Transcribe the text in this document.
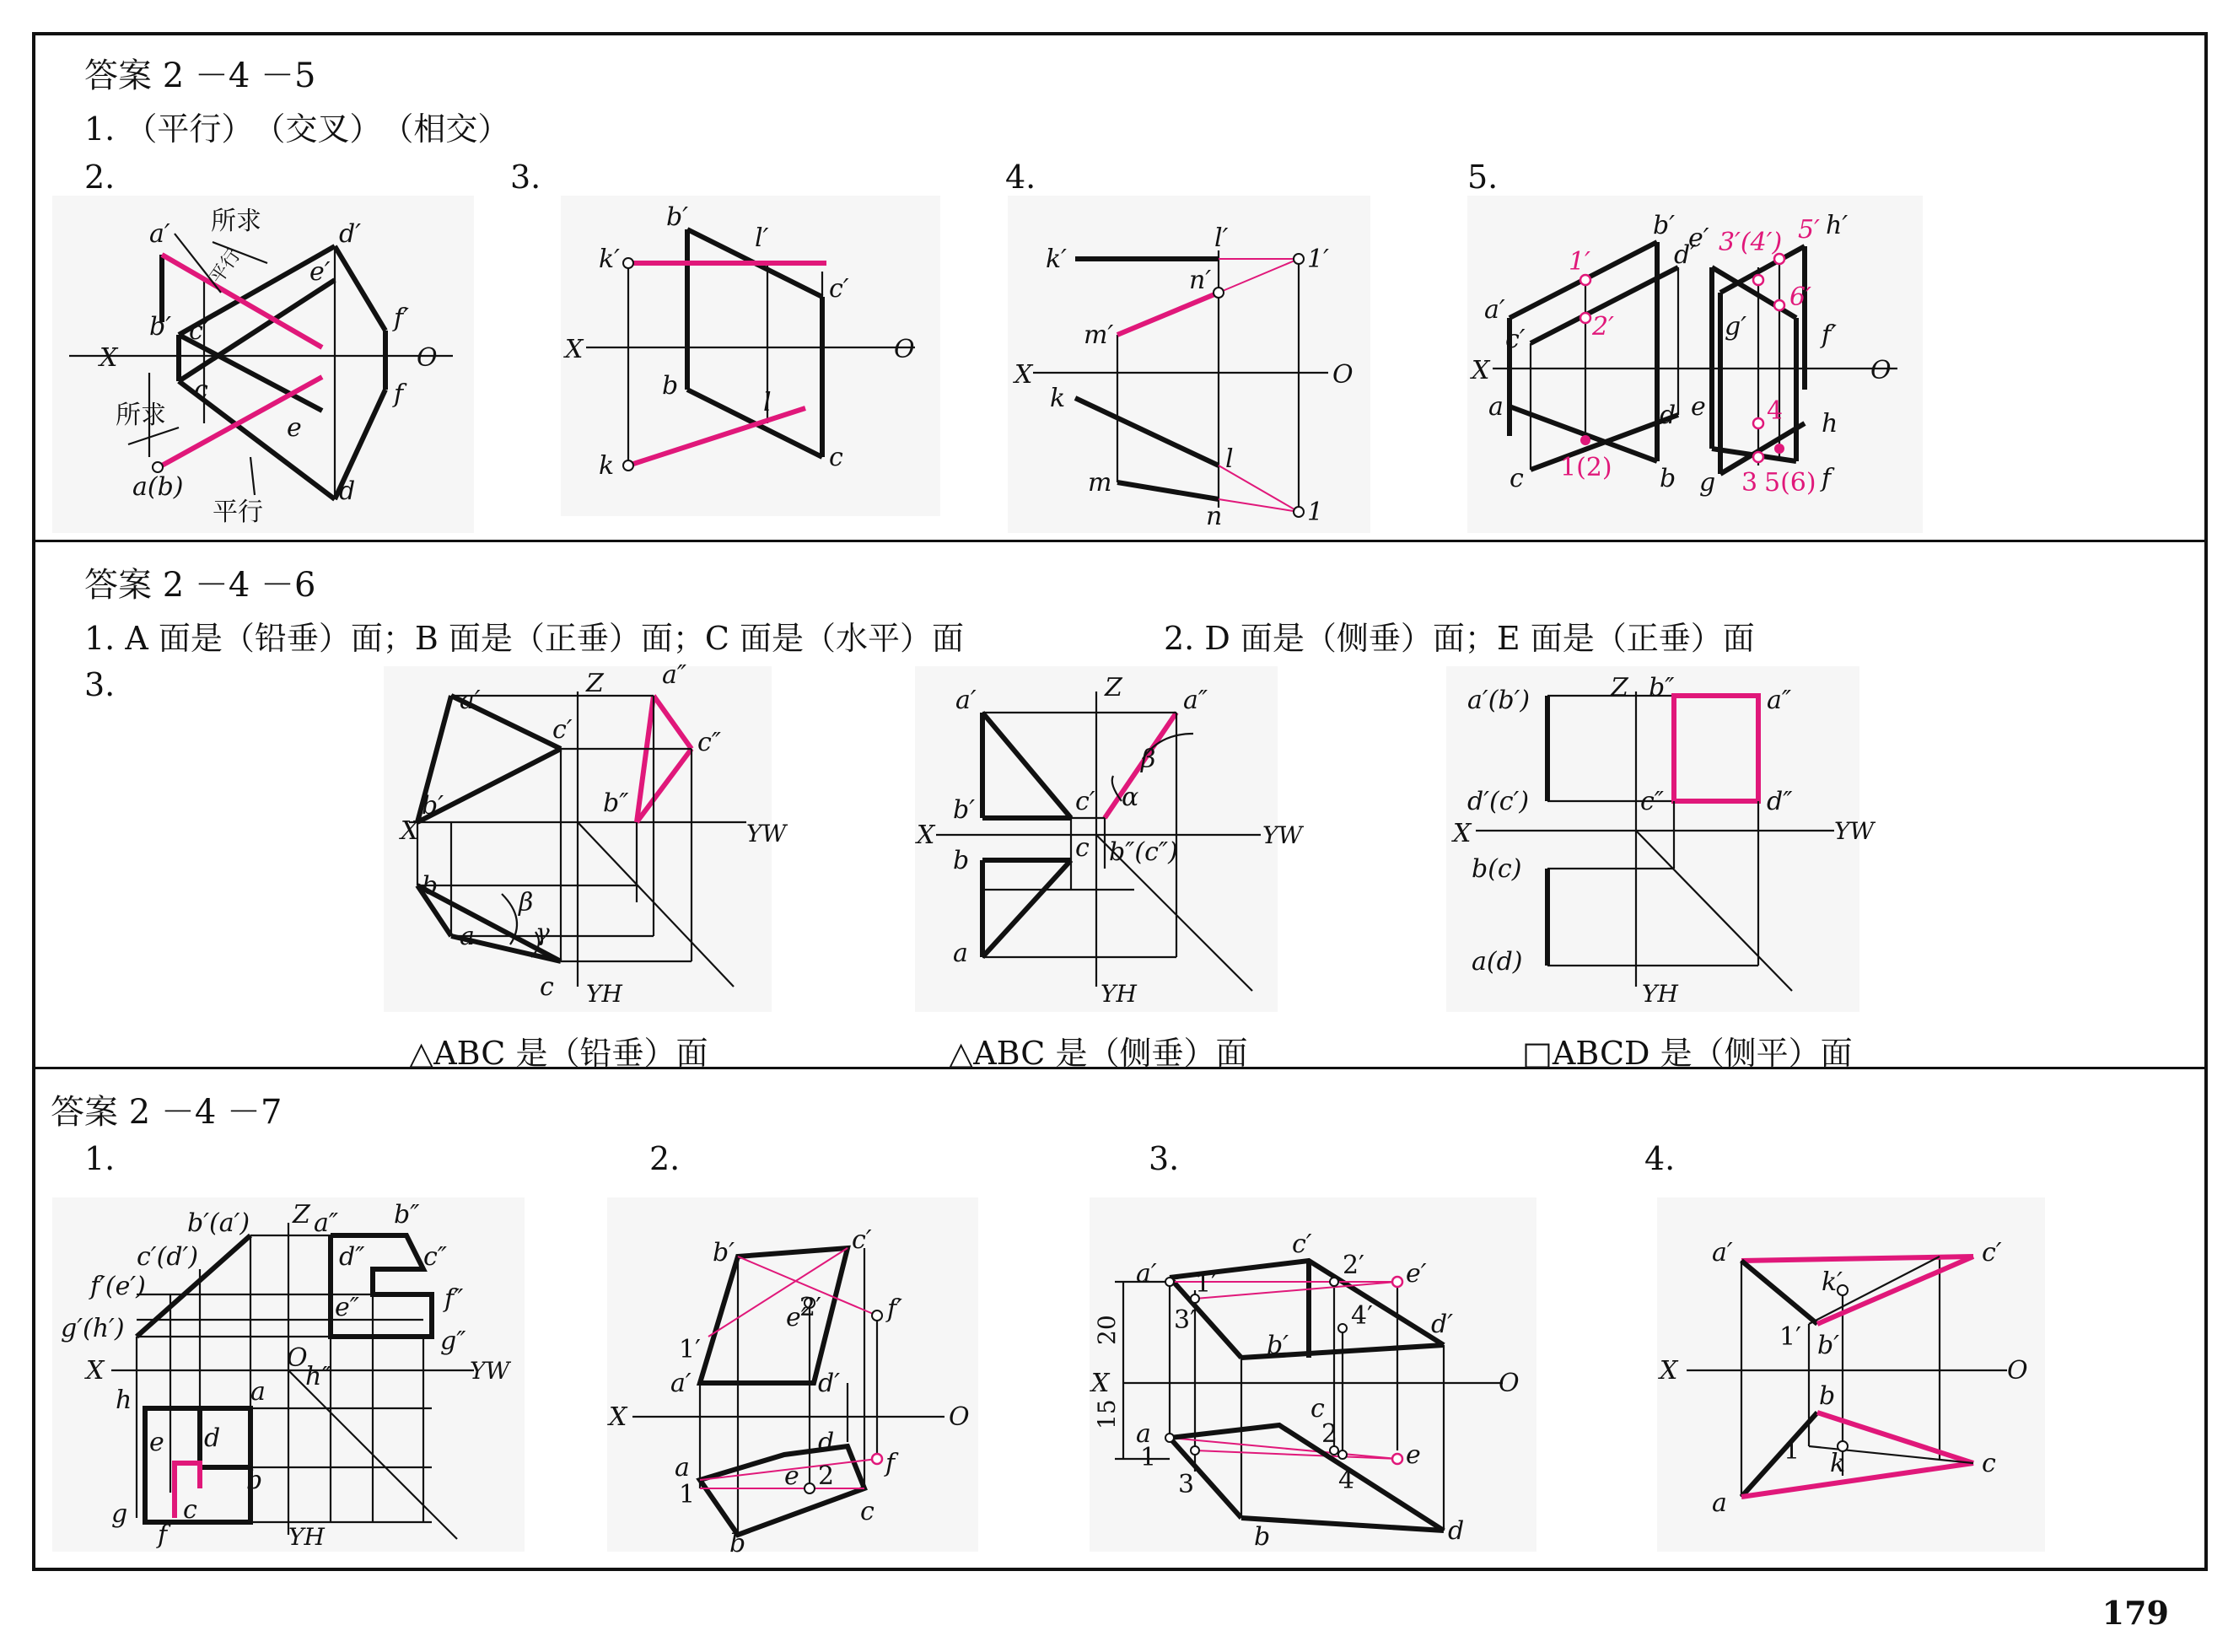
答案 2 －4 －5
1. （平行）　（交叉）　（相交）
2.	3.	4.	5.
X	O
所求
平行
所求
平行
a′
b′ c′
d′
e′
f′
a(b)
c
d
e
f
X	O
b′
l′
k′
c′
b
l
k	c
X	O
k′
l′
n′
m′
1′
k
m
n
l
1
X	O
a′
b′
c′
d′
e′
f′
g′
h′
1′
2′
3′(4′) 5′
6′
a
b
c
d e
f
g
h
1(2)
4
3 5(6)
答案 2 －4 －6
1. A 面是（铅垂）面；B 面是（正垂）面；C 面是（水平）面	2. D 面是（侧垂）面；E 面是（正垂）面
3.
X	YW
Z
YH
a′
c′
b′
a″
c″
b″
b
a
c
β
γ
X	YW
Z
YH
a′
c′
b′
a″
b″(c″)
b
a
c
α
β
X	YW
Z
YH
a′(b′)
d′(c′)
b″	a″
c″	d″
b(c)
a(d)
△ABC 是（铅垂）面	△ABC 是（侧垂）面	□ABCD 是（侧平）面
答案 2 －4 －7
1.	2.	3.	4.
X	YW
Z
YH
O
b′(a′)
c′(d′)
f′(e′)
g′(h′)
a″ b″
d″ c″
e″	f″
g″
h″
h	a
e d
b
g
f
c
X	O
b′	c′
e′
2′	f′
1′
a′	d′
a
1
d
e 2 f
c
b
X	O
20
15
a′
c′
2′ e′
1′
3′
b′
4′ d′
c
2
a
1
3	4
e
b	d
X	O
a′	c′
k′
1′ b′
b
1 k	c
a
179
